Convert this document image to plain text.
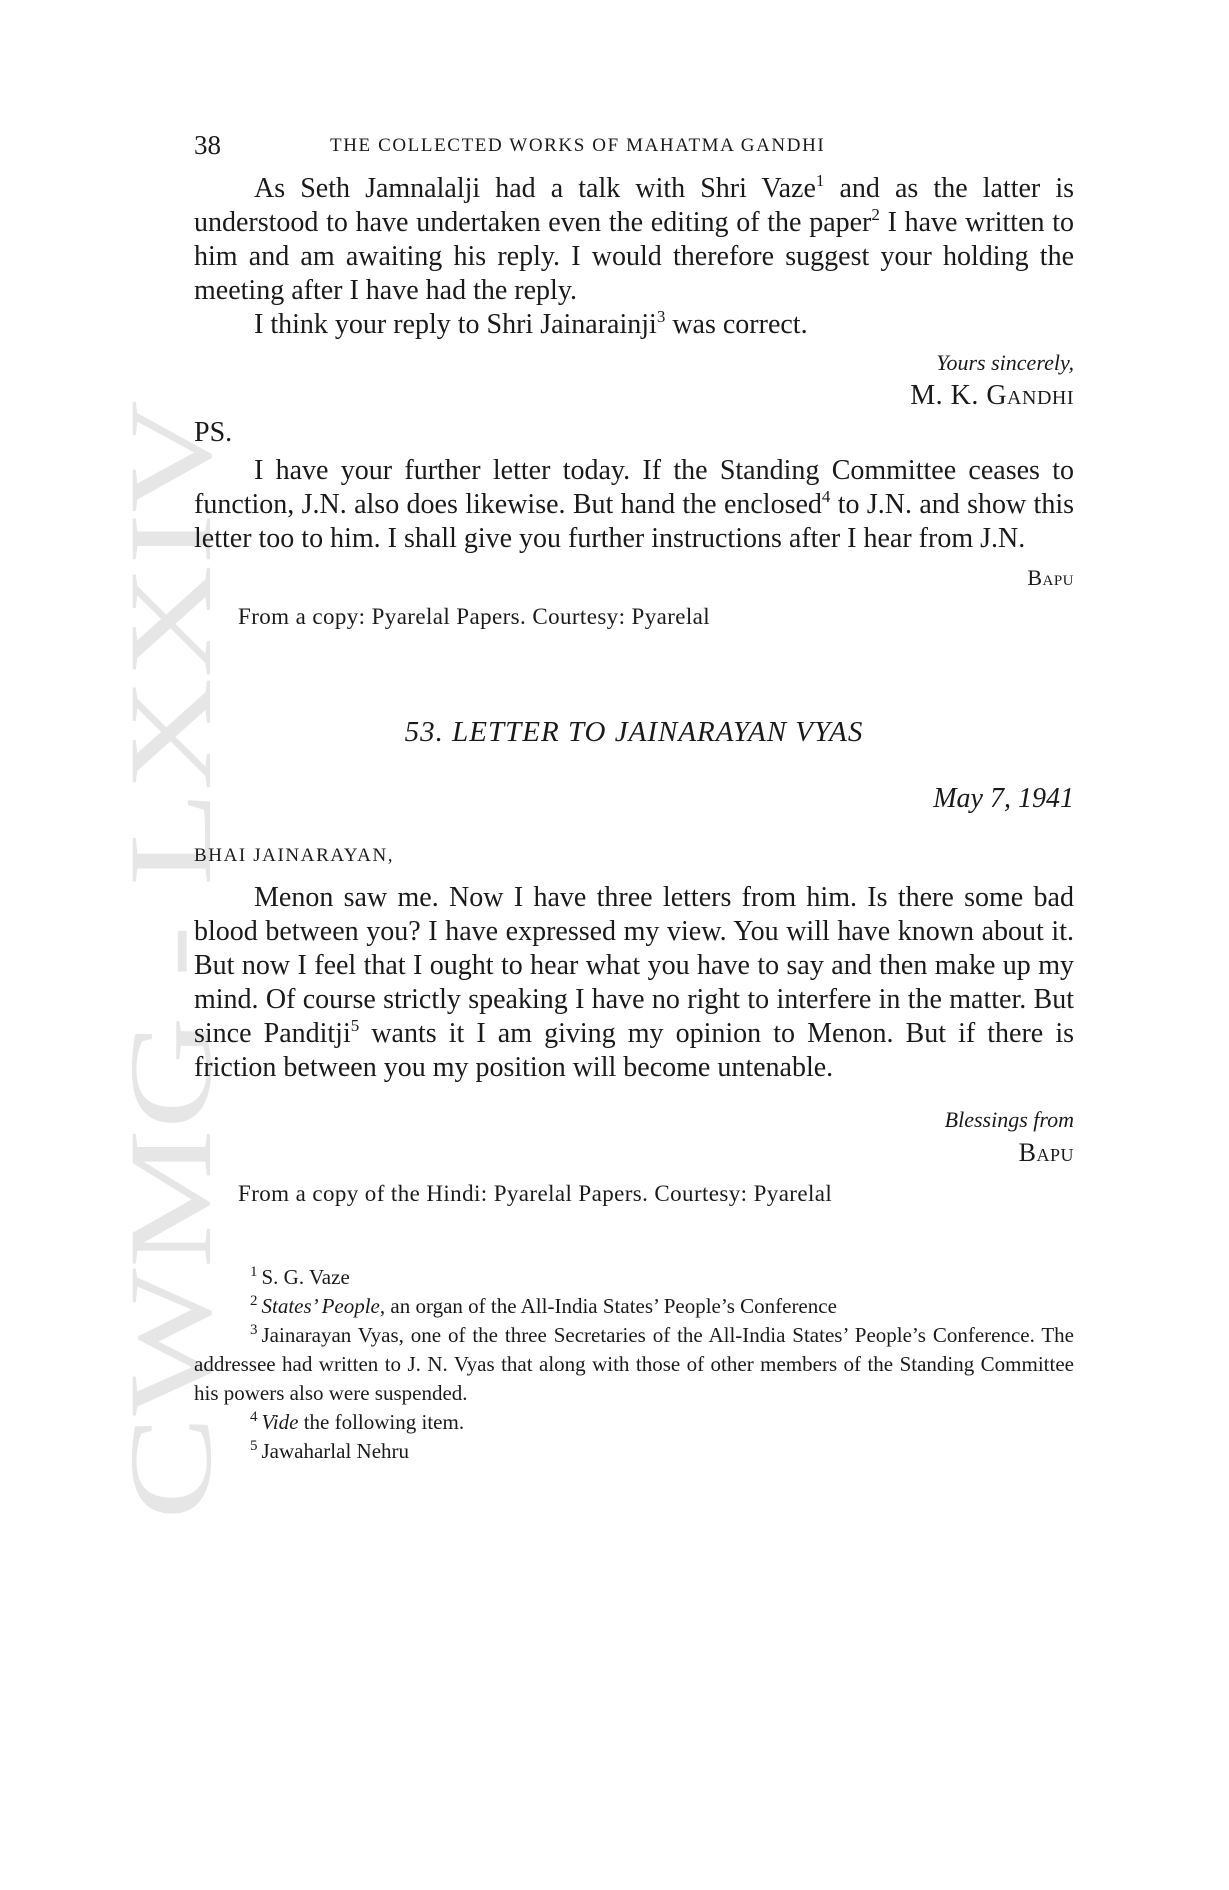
CWMG - LXXIV
38	THE COLLECTED WORKS OF MAHATMA GANDHI

As Seth Jamnalalji had a talk with Shri Vaze$^1$ and as the latter is understood to have undertaken even the editing of the paper$^2$ I have written to him and am awaiting his reply. I would therefore suggest your holding the meeting after I have had the reply.

I think your reply to Shri Jainarainji$^3$ was correct.

Yours sincerely,
M. K. Gandhi
PS.

I have your further letter today. If the Standing Committee ceases to function, J.N. also does likewise. But hand the enclosed$^4$ to J.N. and show this letter too to him. I shall give you further instructions after I hear from J.N.

Bapu
From a copy: Pyarelal Papers. Courtesy: Pyarelal
53. LETTER TO JAINARAYAN VYAS
May 7, 1941
BHAI JAINARAYAN,

Menon saw me. Now I have three letters from him. Is there some bad blood between you? I have expressed my view. You will have known about it. But now I feel that I ought to hear what you have to say and then make up my mind. Of course strictly speaking I have no right to interfere in the matter. But since Panditji$^5$ wants it I am giving my opinion to Menon. But if there is friction between you my position will become untenable.

Blessings from
Bapu
From a copy of the Hindi: Pyarelal Papers. Courtesy: Pyarelal

$^1$ S. G. Vaze

$^2$ States’ People, an organ of the All-India States’ People’s Conference

$^3$ Jainarayan Vyas, one of the three Secretaries of the All-India States’ People’s Conference. The addressee had written to J. N. Vyas that along with those of other members of the Standing Committee his powers also were suspended.

$^4$ Vide the following item.

$^5$ Jawaharlal Nehru
